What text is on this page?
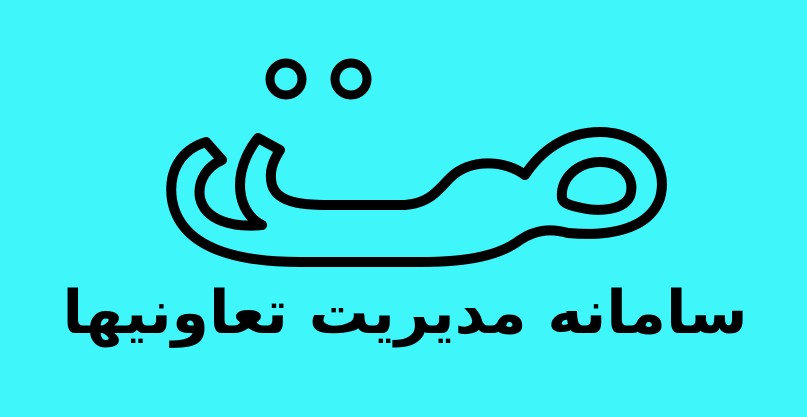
سامانه مدیریت تعاونیها
